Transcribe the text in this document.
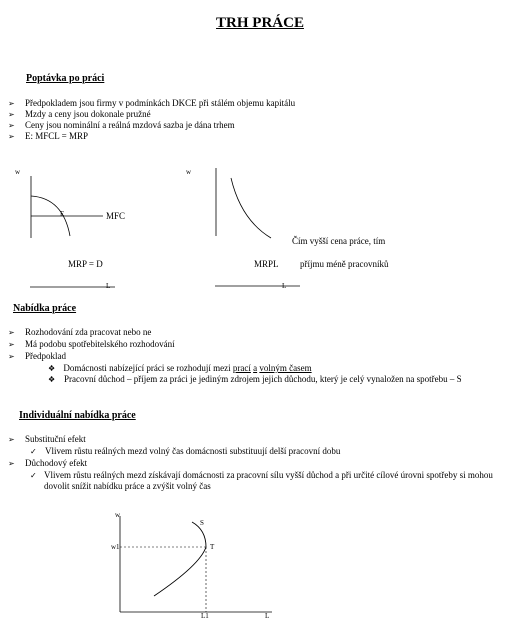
TRH PRÁCE
Poptávka po práci
➢ Předpokladem jsou firmy v podmínkách DKCE při stálém objemu kapitálu
➢ Mzdy a ceny jsou dokonale pružné
➢ Ceny jsou nominální a reálná mzdová sazba je dána trhem
➢ E: MFCL = MRP
w
E	MFC
MRP = D
L
w
MRPL
L
Čím vyšší cena práce, tím
příjmu méně pracovníků
Nabídka práce
➢ Rozhodování zda pracovat nebo ne
➢ Má podobu spotřebitelského rozhodování
➢ Předpoklad
❖ Domácnosti nabízející práci se rozhodují mezi prací a volným časem
❖ Pracovní důchod – příjem za práci je jediným zdrojem jejich důchodu, který je celý vynaložen na spotřebu – S
Individuální nabídka práce
➢ Substituční efekt
✓ Vlivem růstu reálných mezd volný čas domácnosti substituují delší pracovní dobu
➢ Důchodový efekt
✓ Vlivem růstu reálných mezd získávají domácnosti za pracovní sílu vyšší důchod a při určité cílové úrovni spotřeby si mohou dovolit snížit nabídku práce a zvýšit volný čas
w
w1
S
T
L1	L
